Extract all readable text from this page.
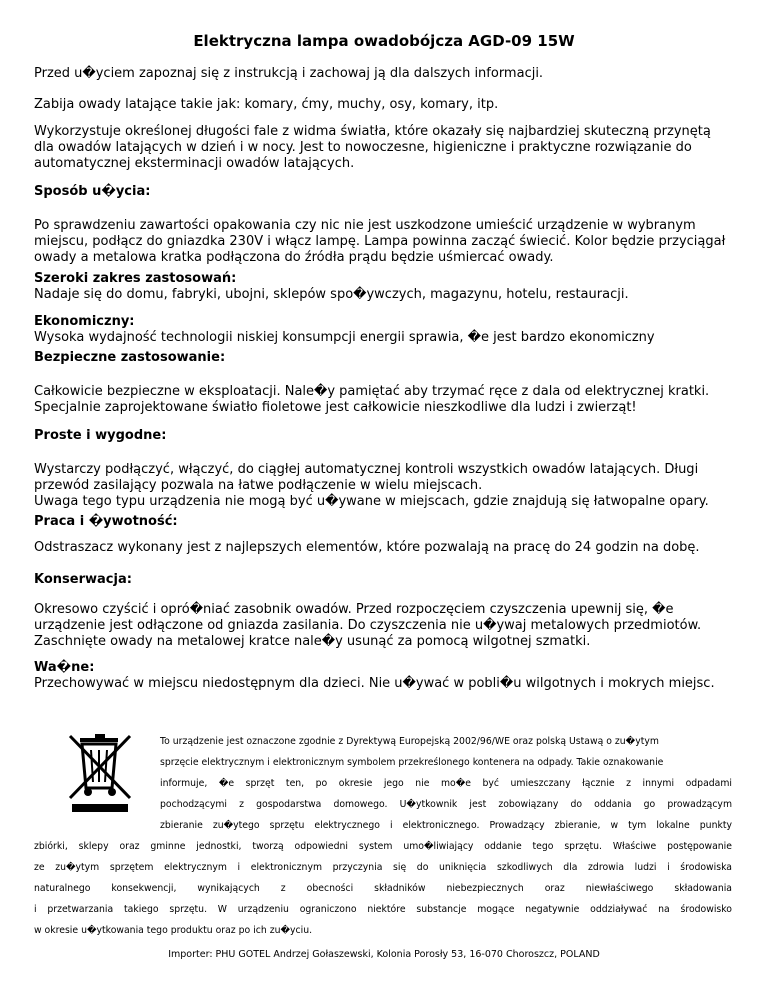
Elektryczna lampa owadobójcza AGD-09 15W

Przed u�yciem zapoznaj się z instrukcją i zachowaj ją dla dalszych informacji.

Zabija owady latające takie jak: komary, ćmy, muchy, osy, komary, itp.

Wykorzystuje określonej długości fale z widma światła, które okazały się najbardziej skuteczną przynętą dla owadów latających w dzień i w nocy. Jest to nowoczesne, higieniczne i praktyczne rozwiązanie do automatycznej eksterminacji owadów latających.

Sposób u�ycia:
Po sprawdzeniu zawartości opakowania czy nic nie jest uszkodzone umieścić urządzenie w wybranym miejscu, podłącz do gniazdka 230V i włącz lampę. Lampa powinna zacząć świecić. Kolor będzie przyciągał owady a metalowa kratka podłączona do źródła prądu będzie uśmiercać owady.
Szeroki zakres zastosowań:
Nadaje się do domu, fabryki, ubojni, sklepów spo�ywczych, magazynu, hotelu, restauracji.
Ekonomiczny:
Wysoka wydajność technologii niskiej konsumpcji energii sprawia, �e jest bardzo ekonomiczny
Bezpieczne zastosowanie:
Całkowicie bezpieczne w eksploatacji. Nale�y pamiętać aby trzymać ręce z dala od elektrycznej kratki. Specjalnie zaprojektowane światło fioletowe jest całkowicie nieszkodliwe dla ludzi i zwierząt!
Proste i wygodne:
Wystarczy podłączyć, włączyć, do ciągłej automatycznej kontroli wszystkich owadów latających. Długi przewód zasilający pozwala na łatwe podłączenie w wielu miejscach.
Uwaga tego typu urządzenia nie mogą być u�ywane w miejscach, gdzie znajdują się łatwopalne opary.
Praca i �ywotność:
Odstraszacz wykonany jest z najlepszych elementów, które pozwalają na pracę do 24 godzin na dobę.
Konserwacja:
Okresowo czyścić i opró�niać zasobnik owadów. Przed rozpoczęciem czyszczenia upewnij się, �e urządzenie jest odłączone od gniazda zasilania. Do czyszczenia nie u�ywaj metalowych przedmiotów. Zaschnięte owady na metalowej kratce nale�y usunąć za pomocą wilgotnej szmatki.
Wa�ne:
Przechowywać w miejscu niedostępnym dla dzieci. Nie u�ywać w pobli�u wilgotnych i mokrych miejsc.
To urządzenie jest oznaczone zgodnie z Dyrektywą Europejską 2002/96/WE oraz polską Ustawą o zu�ytym
sprzęcie elektrycznym i elektronicznym symbolem przekreślonego kontenera na odpady. Takie oznakowanie
informuje, �e sprzęt ten, po okresie jego nie mo�e być umieszczany łącznie z innymi odpadami
pochodzącymi z gospodarstwa domowego. U�ytkownik jest zobowiązany do oddania go prowadzącym
zbieranie zu�ytego sprzętu elektrycznego i elektronicznego. Prowadzący zbieranie, w tym lokalne punkty
zbiórki, sklepy oraz gminne jednostki, tworzą odpowiedni system umo�liwiający oddanie tego sprzętu. Właściwe postępowanie
ze zu�ytym sprzętem elektrycznym i elektronicznym przyczynia się do uniknięcia szkodliwych dla zdrowia ludzi i środowiska
naturalnego konsekwencji, wynikających z obecności składników niebezpiecznych oraz niewłaściwego składowania
i przetwarzania takiego sprzętu. W urządzeniu ograniczono niektóre substancje mogące negatywnie oddziaływać na środowisko
w okresie u�ytkowania tego produktu oraz po ich zu�yciu.
Importer: PHU GOTEL Andrzej Gołaszewski, Kolonia Porosły 53, 16-070 Choroszcz, POLAND
